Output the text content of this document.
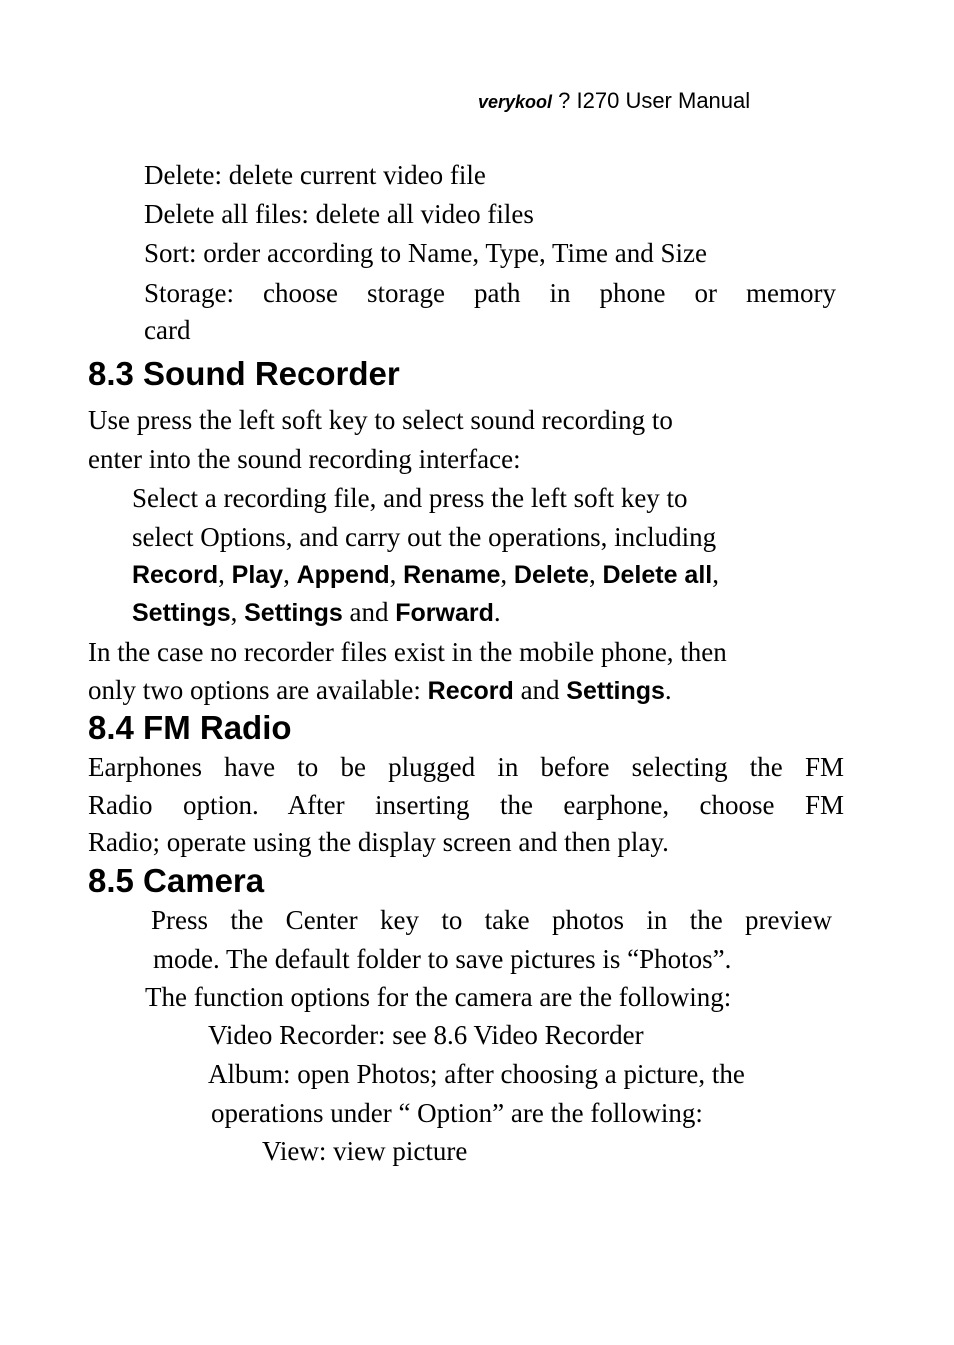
verykool ? I270 User Manual
Delete: delete current video file
Delete all files: delete all video files
Sort: order according to Name, Type, Time and Size
Storage: choose storage path in phone or memory
card
8.3 Sound Recorder
Use press the left soft key to select sound recording to
enter into the sound recording interface:
Select a recording file, and press the left soft key to
select Options, and carry out the operations, including
Record, Play, Append, Rename, Delete, Delete all,
Settings, Settings and Forward.
In the case no recorder files exist in the mobile phone, then
only two options are available: Record and Settings.
8.4 FM Radio
Earphones have to be plugged in before selecting the FM
Radio option. After inserting the earphone, choose FM
Radio; operate using the display screen and then play.
8.5 Camera
Press the Center key to take photos in the preview
mode. The default folder to save pictures is “Photos”.
The function options for the camera are the following:
Video Recorder: see 8.6 Video Recorder
Album: open Photos; after choosing a picture, the
operations under “ Option” are the following:
View: view picture
